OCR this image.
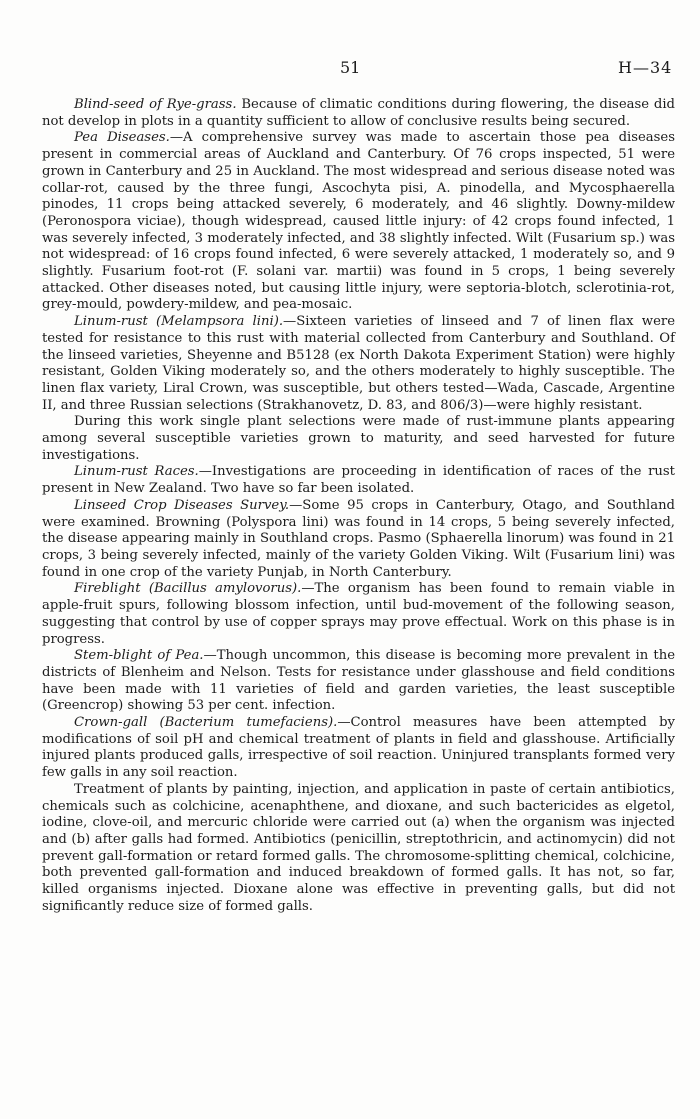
51	H—34

Blind-seed of Rye-grass. Because of climatic conditions during flowering, the disease did not develop in plots in a quantity sufficient to allow of conclusive results being secured.

Pea Diseases.—A comprehensive survey was made to ascertain those pea diseases present in commercial areas of Auckland and Canterbury. Of 76 crops inspected, 51 were grown in Canterbury and 25 in Auckland. The most widespread and serious disease noted was collar-rot, caused by the three fungi, Ascochyta pisi, A. pinodella, and Mycosphaerella pinodes, 11 crops being attacked severely, 6 moderately, and 46 slightly. Downy-mildew (Peronospora viciae), though widespread, caused little injury: of 42 crops found infected, 1 was severely infected, 3 moderately infected, and 38 slightly infected. Wilt (Fusarium sp.) was not widespread: of 16 crops found infected, 6 were severely attacked, 1 moderately so, and 9 slightly. Fusarium foot-rot (F. solani var. martii) was found in 5 crops, 1 being severely attacked. Other diseases noted, but causing little injury, were septoria-blotch, sclerotinia-rot, grey-mould, powdery-mildew, and pea-mosaic.

Linum-rust (Melampsora lini).—Sixteen varieties of linseed and 7 of linen flax were tested for resistance to this rust with material collected from Canterbury and Southland. Of the linseed varieties, Sheyenne and B5128 (ex North Dakota Experiment Station) were highly resistant, Golden Viking moderately so, and the others moderately to highly susceptible. The linen flax variety, Liral Crown, was susceptible, but others tested—Wada, Cascade, Argentine II, and three Russian selections (Strakhanovetz, D. 83, and 806/3)—were highly resistant.

During this work single plant selections were made of rust-immune plants appearing among several susceptible varieties grown to maturity, and seed harvested for future investigations.

Linum-rust Races.—Investigations are proceeding in identification of races of the rust present in New Zealand. Two have so far been isolated.

Linseed Crop Diseases Survey.—Some 95 crops in Canterbury, Otago, and Southland were examined. Browning (Polyspora lini) was found in 14 crops, 5 being severely infected, the disease appearing mainly in Southland crops. Pasmo (Sphaerella linorum) was found in 21 crops, 3 being severely infected, mainly of the variety Golden Viking. Wilt (Fusarium lini) was found in one crop of the variety Punjab, in North Canterbury.

Fireblight (Bacillus amylovorus).—The organism has been found to remain viable in apple-fruit spurs, following blossom infection, until bud-movement of the following season, suggesting that control by use of copper sprays may prove effectual. Work on this phase is in progress.

Stem-blight of Pea.—Though uncommon, this disease is becoming more prevalent in the districts of Blenheim and Nelson. Tests for resistance under glasshouse and field conditions have been made with 11 varieties of field and garden varieties, the least susceptible (Greencrop) showing 53 per cent. infection.

Crown-gall (Bacterium tumefaciens).—Control measures have been attempted by modifications of soil pH and chemical treatment of plants in field and glasshouse. Artificially injured plants produced galls, irrespective of soil reaction. Uninjured transplants formed very few galls in any soil reaction.

Treatment of plants by painting, injection, and application in paste of certain antibiotics, chemicals such as colchicine, acenaphthene, and dioxane, and such bactericides as elgetol, iodine, clove-oil, and mercuric chloride were carried out (a) when the organism was injected and (b) after galls had formed. Antibiotics (penicillin, streptothricin, and actinomycin) did not prevent gall-formation or retard formed galls. The chromosome-splitting chemical, colchicine, both prevented gall-formation and induced breakdown of formed galls. It has not, so far, killed organisms injected. Dioxane alone was effective in preventing galls, but did not significantly reduce size of formed galls.
